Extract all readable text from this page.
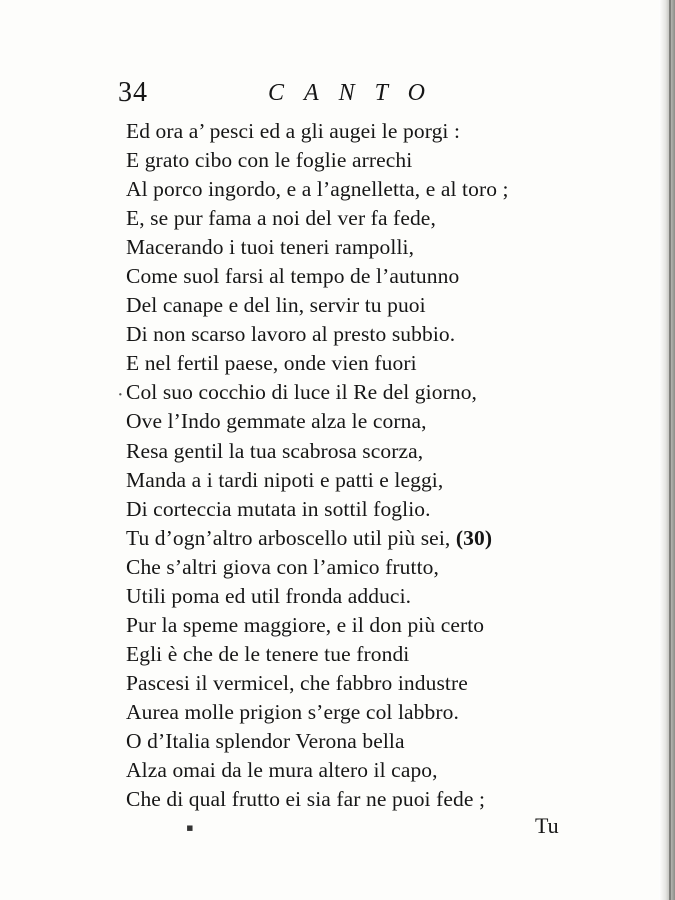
34	CANTO
Ed ora a’ pesci ed a gli augei le porgi :
E grato cibo con le foglie arrechi
Al porco ingordo, e a l’agnelletta, e al toro ;
E, se pur fama a noi del ver fa fede,
Macerando i tuoi teneri rampolli,
Come suol farsi al tempo de l’autunno
Del canape e del lin, servir tu puoi
Di non scarso lavoro al presto subbio.
E nel fertil paese, onde vien fuori
Col suo cocchio di luce il Re del giorno,
Ove l’Indo gemmate alza le corna,
Resa gentil la tua scabrosa scorza,
Manda a i tardi nipoti e patti e leggi,
Di corteccia mutata in sottil foglio.
Tu d’ogn’altro arboscello util più sei, (30)
Che s’altri giova con l’amico frutto,
Utili poma ed util fronda adduci.
Pur la speme maggiore, e il don più certo
Egli è che de le tenere tue frondi
Pascesi il vermicel, che fabbro industre
Aurea molle prigion s’erge col labbro.
O d’Italia splendor Verona bella
Alza omai da le mura altero il capo,
Che di qual frutto ei sia far ne puoi fede ;
·
▪	Tu
